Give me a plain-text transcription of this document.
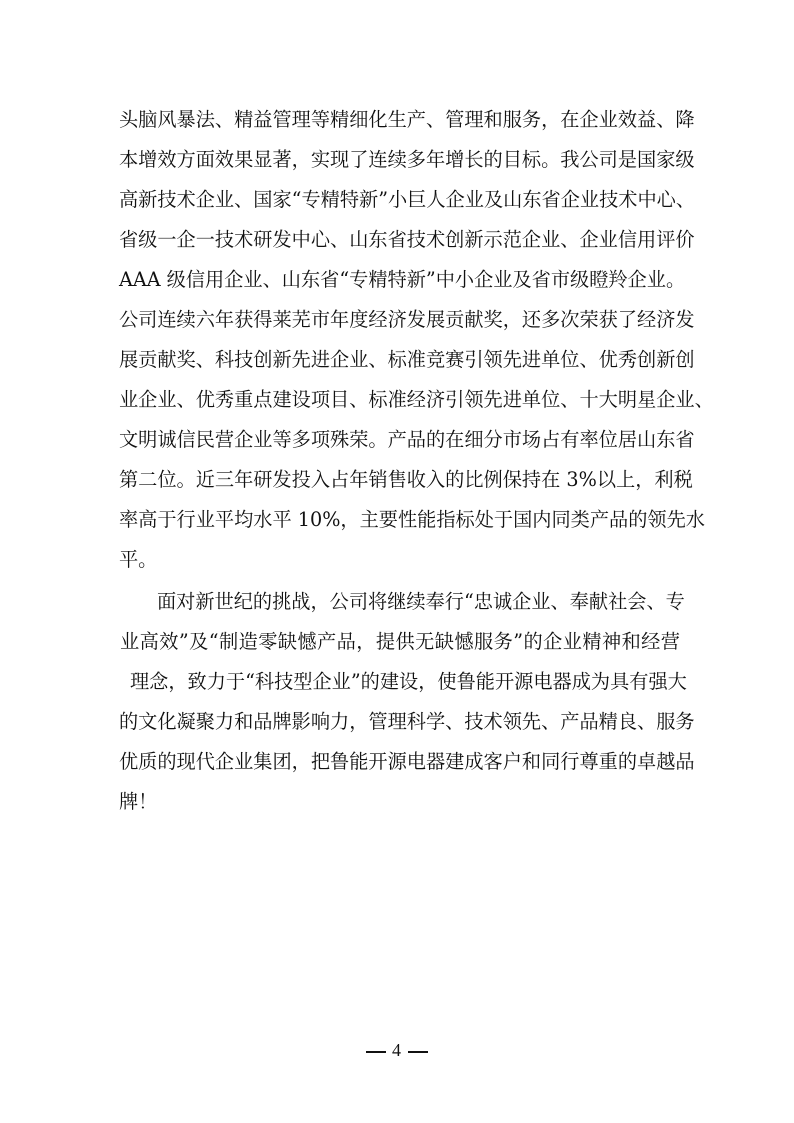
头脑风暴法、精益管理等精细化生产、管理和服务，在企业效益、降
本增效方面效果显著，实现了连续多年增长的目标。我公司是国家级
高新技术企业、国家“专精特新”小巨人企业及山东省企业技术中心、
省级一企一技术研发中心、山东省技术创新示范企业、企业信用评价
AAA 级信用企业、山东省“专精特新”中小企业及省市级瞪羚企业。
公司连续六年获得莱芜市年度经济发展贡献奖，还多次荣获了经济发
展贡献奖、科技创新先进企业、标准竞赛引领先进单位、优秀创新创
业企业、优秀重点建设项目、标准经济引领先进单位、十大明星企业、
文明诚信民营企业等多项殊荣。产品的在细分市场占有率位居山东省
第二位。近三年研发投入占年销售收入的比例保持在 3%以上，利税
率高于行业平均水平 10%，主要性能指标处于国内同类产品的领先水
平。
面对新世纪的挑战，公司将继续奉行“忠诚企业、奉献社会、专
业高效”及“制造零缺憾产品，提供无缺憾服务”的企业精神和经营
理念，致力于“科技型企业”的建设，使鲁能开源电器成为具有强大
的文化凝聚力和品牌影响力，管理科学、技术领先、产品精良、服务
优质的现代企业集团，把鲁能开源电器建成客户和同行尊重的卓越品
牌！
4
